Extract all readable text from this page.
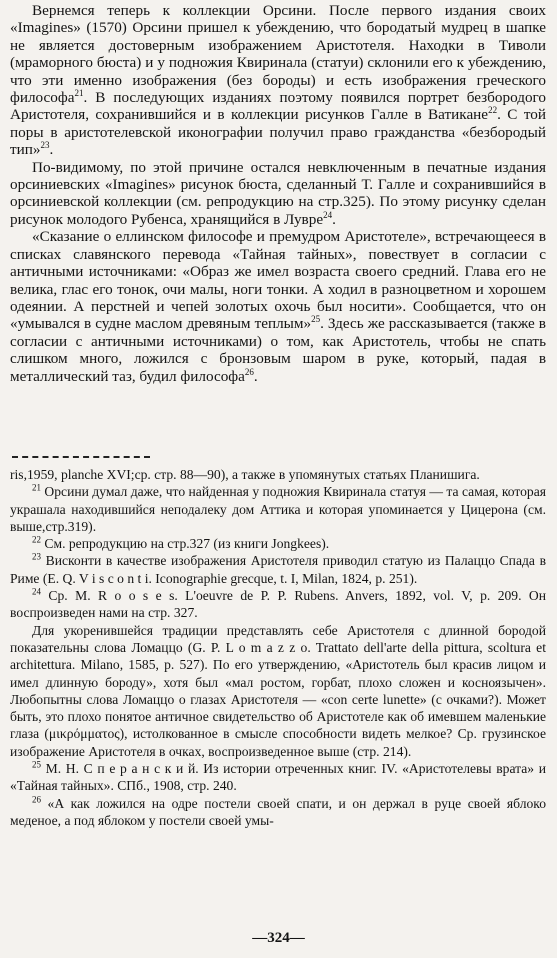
Вернемся теперь к коллекции Орсини. После первого издания своих «Imagines» (1570) Орсини пришел к убеждению, что бородатый мудрец в шапке не является достоверным изображением Аристотеля. Находки в Тиволи (мраморного бюста) и у подножия Квиринала (статуи) склонили его к убеждению, что эти именно изображения (без бороды) и есть изображения греческого философа$^{21}$. В последующих изданиях поэтому появился портрет безбородого Аристотеля, сохранившийся и в коллекции рисунков Галле в Ватикане$^{22}$. С той поры в аристотелевской иконографии получил право гражданства «безбородый тип»$^{23}$.

По-видимому, по этой причине остался невключенным в печатные издания орсиниевских «Imagines» рисунок бюста, сделанный Т. Галле и сохранившийся в орсиниевской коллекции (см. репродукцию на стр.325). По этому рисунку сделан рисунок молодого Рубенса, хранящийся в Лувре$^{24}$.

«Сказание о еллинском философе и премудром Аристотеле», встречающееся в списках славянского перевода «Тайная тайных», повествует в согласии с античными источниками: «Образ же имел возраста своего средний. Глава его не велика, глас его тонок, очи малы, ноги тонки. А ходил в разноцветном и хорошем одеянии. А перстней и чепей золотых охочь был носити». Сообщается, что он «умывался в судне маслом древяным теплым»$^{25}$. Здесь же рассказывается (также в согласии с античными источниками) о том, как Аристотель, чтобы не спать слишком много, ложился с бронзовым шаром в руке, который, падая в металлический таз, будил философа$^{26}$.

ris,1959, planche XVI;ср. стр. 88—90), а также в упомянутых статьях Планишига.

$^{21}$ Орсини думал даже, что найденная у подножия Квиринала статуя — та самая, которая украшала находившийся неподалеку дом Аттика и которая упоминается у Цицерона (см. выше,стр.319).

$^{22}$ См. репродукцию на стр.327 (из книги Jongkees).

$^{23}$ Висконти в качестве изображения Аристотеля приводил статую из Палаццо Спада в Риме (E. Q. V i s c o n t i. Iconographie grecque, t. I, Milan, 1824, p. 251).

$^{24}$ Ср. M. R o o s e s. L'oeuvre de P. P. Rubens. Anvers, 1892, vol. V, p. 209. Он воспроизведен нами на стр. 327.

Для укоренившейся традиции представлять себе Аристотеля с длинной бородой показательны слова Ломаццо (G. P. L o m a z z o. Trattato dell'arte della pittura, scoltura et architettura. Milano, 1585, p. 527). По его утверждению, «Аристотель был красив лицом и имел длинную бороду», хотя был «мал ростом, горбат, плохо сложен и косноязычен». Любопытны слова Ломаццо о глазах Аристотеля — «con certe lunette» (с очками?). Может быть, это плохо понятое античное свидетельство об Аристотеле как об имевшем маленькие глаза (μικρόμματος), истолкованное в смысле способности видеть мелкое? Ср. грузинское изображение Аристотеля в очках, воспроизведенное выше (стр. 214).

$^{25}$ М. Н. С п е р а н с к и й. Из истории отреченных книг. IV. «Аристотелевы врата» и «Тайная тайных». СПб., 1908, стр. 240.

$^{26}$ «А как ложился на одре постели своей спати, и он держал в руце своей яблоко меденое, а под яблоком у постели своей умы-

—324—
